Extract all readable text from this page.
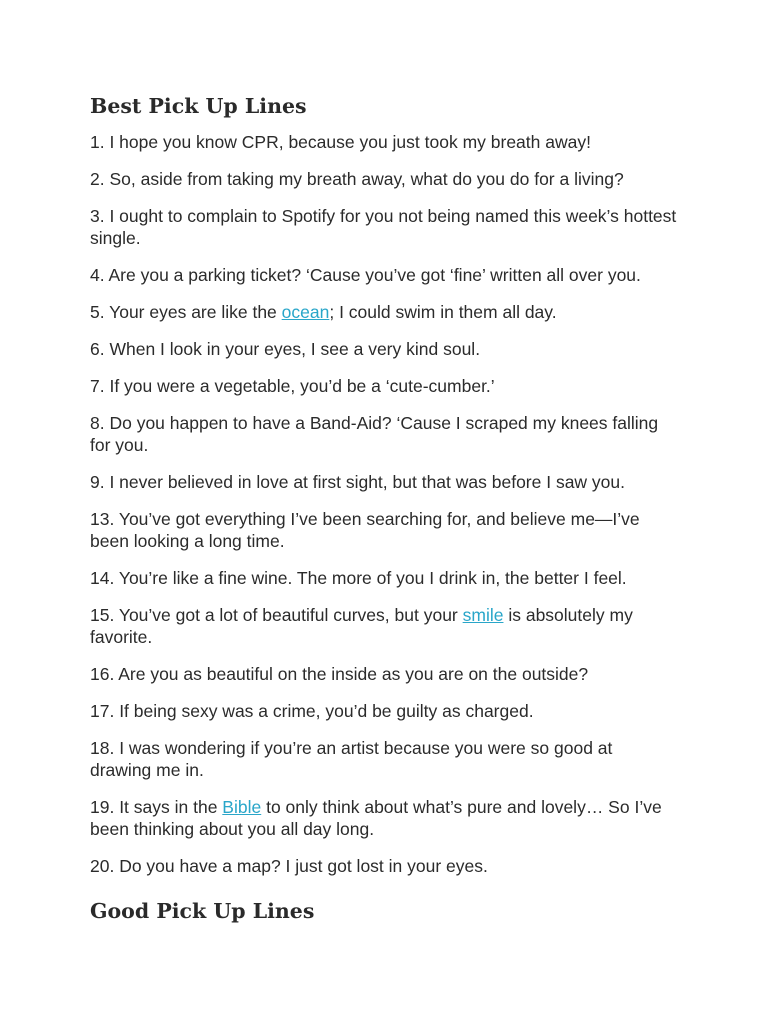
Best Pick Up Lines
1. I hope you know CPR, because you just took my breath away!
2. So, aside from taking my breath away, what do you do for a living?
3. I ought to complain to Spotify for you not being named this week’s hottest single.
4. Are you a parking ticket? ‘Cause you’ve got ‘fine’ written all over you.
5. Your eyes are like the ocean; I could swim in them all day.
6. When I look in your eyes, I see a very kind soul.
7. If you were a vegetable, you’d be a ‘cute-cumber.’
8. Do you happen to have a Band-Aid? ‘Cause I scraped my knees falling for you.
9. I never believed in love at first sight, but that was before I saw you.
13. You’ve got everything I’ve been searching for, and believe me—I’ve been looking a long time.
14. You’re like a fine wine. The more of you I drink in, the better I feel.
15. You’ve got a lot of beautiful curves, but your smile is absolutely my favorite.
16. Are you as beautiful on the inside as you are on the outside?
17. If being sexy was a crime, you’d be guilty as charged.
18. I was wondering if you’re an artist because you were so good at drawing me in.
19. It says in the Bible to only think about what’s pure and lovely… So I’ve been thinking about you all day long.
20. Do you have a map? I just got lost in your eyes.
Good Pick Up Lines
